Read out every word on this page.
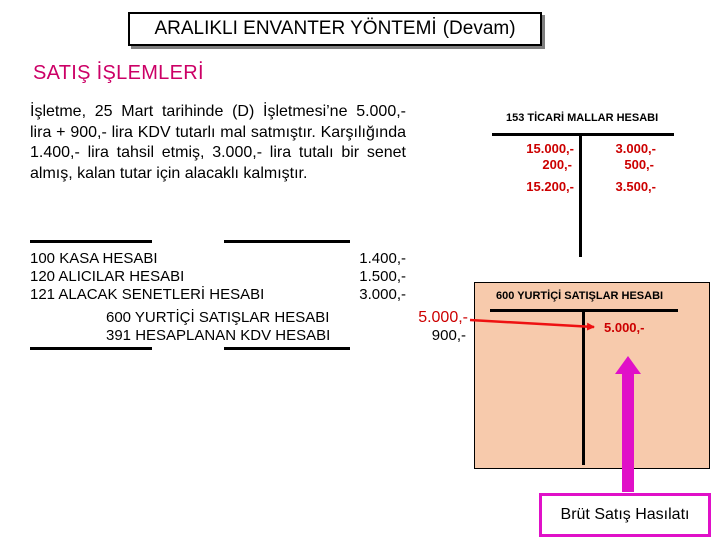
ARALIKLI ENVANTER YÖNTEMİ (Devam)
SATIŞ İŞLEMLERİ
İşletme, 25 Mart tarihinde (D) İşletmesi’ne 5.000,- lira + 900,- lira KDV tutarlı mal satmıştır. Karşılığında 1.400,- lira tahsil etmiş, 3.000,- lira tutalı bir senet almış, kalan tutar için alacaklı kalmıştır.
100 KASA HESABI
120 ALICILAR HESABI
121 ALACAK SENETLERİ HESABI
1.400,-
1.500,-
3.000,-
600 YURTİÇİ SATIŞLAR HESABI
391 HESAPLANAN KDV HESABI
5.000,-
900,-
153 TİCARİ MALLAR HESABI
15.000,-
200,-
15.200,-
3.000,-
500,-
3.500,-
600 YURTİÇİ SATIŞLAR HESABI
5.000,-
Brüt Satış Hasılatı
